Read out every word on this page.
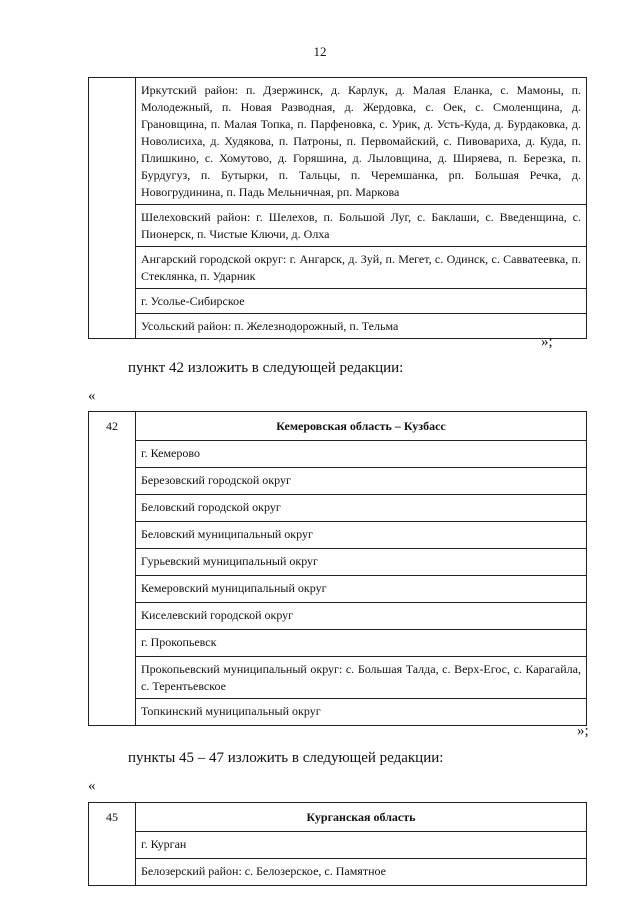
12
	Иркутский район: п. Дзержинск, д. Карлук, д. Малая Еланка, с. Мамоны, п. Молодежный, п. Новая Разводная, д. Жердовка, с. Оек, с. Смоленщина, д. Грановщина, п. Малая Топка, п. Парфеновка, с. Урик, д. Усть-Куда, д. Бурдаковка, д. Новолисиха, д. Худякова, п. Патроны, п. Первомайский, с. Пивовариха, д. Куда, п. Плишкино, с. Хомутово, д. Горяшина, д. Лыловщина, д. Ширяева, п. Березка, п. Бурдугуз, п. Бутырки, п. Тальцы, п. Черемшанка, рп. Большая Речка, д. Новогрудинина, п. Падь Мельничная, рп. Маркова
Шелеховский район: г. Шелехов, п. Большой Луг, с. Баклаши, с. Введенщина, с. Пионерск, п. Чистые Ключи, д. Олха
Ангарский городской округ: г. Ангарск, д. Зуй, п. Мегет, с. Одинск, с. Савватеевка, п. Стеклянка, п. Ударник
г. Усолье-Сибирское
Усольский район: п. Железнодорожный, п. Тельма
»;
пункт 42 изложить в следующей редакции:
«
42	Кемеровская область – Кузбасс
г. Кемерово
Березовский городской округ
Беловский городской округ
Беловский муниципальный округ
Гурьевский муниципальный округ
Кемеровский муниципальный округ
Киселевский городской округ
г. Прокопьевск
Прокопьевский муниципальный округ: с. Большая Талда, с. Верх-Егос, с. Карагайла, с. Терентьевское
Топкинский муниципальный округ
»;
пункты 45 – 47 изложить в следующей редакции:
«
45	Курганская область
г. Курган
Белозерский район: с. Белозерское, с. Памятное
